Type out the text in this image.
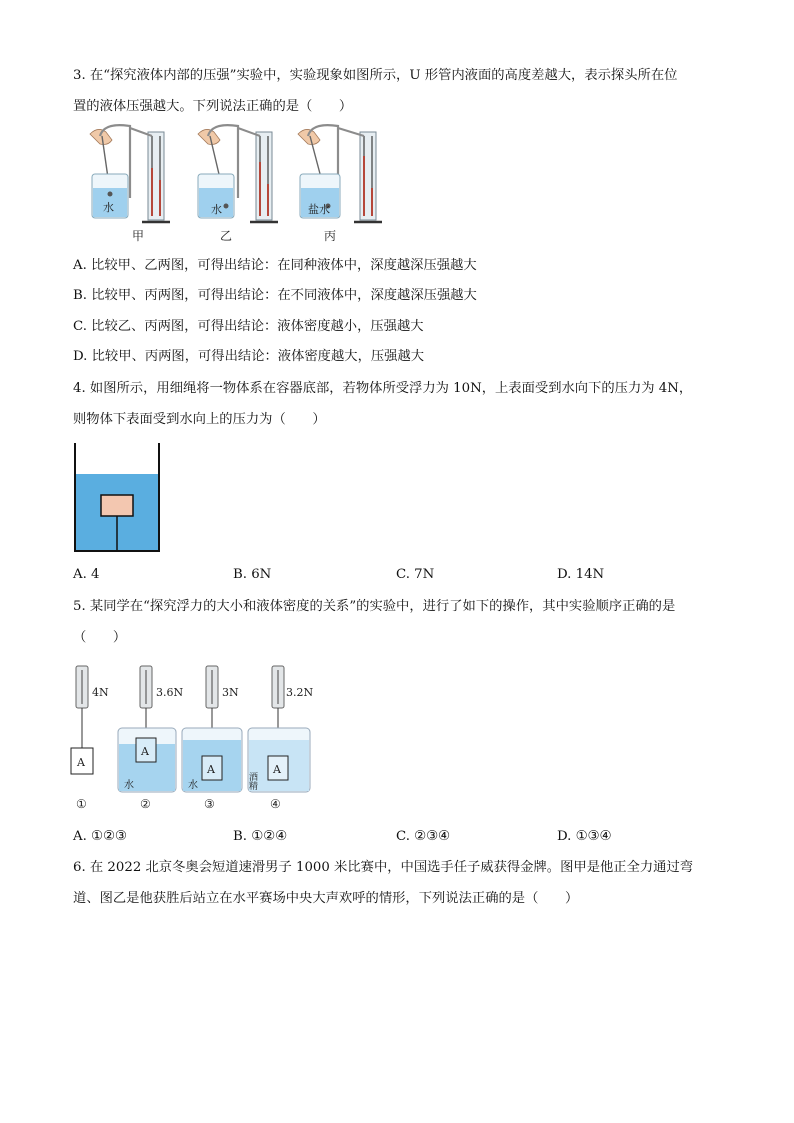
3. 在“探究液体内部的压强”实验中，实验现象如图所示，U 形管内液面的高度差越大，表示探头所在位
置的液体压强越大。下列说法正确的是（　　）
水
甲
水
乙
盐水
丙
A. 比较甲、乙两图，可得出结论：在同种液体中，深度越深压强越大
B. 比较甲、丙两图，可得出结论：在不同液体中，深度越深压强越大
C. 比较乙、丙两图，可得出结论：液体密度越小，压强越大
D. 比较甲、丙两图，可得出结论：液体密度越大，压强越大
4. 如图所示，用细绳将一物体系在容器底部，若物体所受浮力为 10N，上表面受到水向下的压力为 4N，
则物体下表面受到水向上的压力为（　　）
A. 4	B. 6N	C. 7N	D. 14N
5. 某同学在“探究浮力的大小和液体密度的关系”的实验中，进行了如下的操作，其中实验顺序正确的是
（　　）
A
4N
①
A
水
3.6N
②
A
水
3N
③
A
酒精
3.2N
④
A. ①②③	B. ①②④	C. ②③④	D. ①③④
6. 在 2022 北京冬奥会短道速滑男子 1000 米比赛中，中国选手任子威获得金牌。图甲是他正全力通过弯
道、图乙是他获胜后站立在水平赛场中央大声欢呼的情形，下列说法正确的是（　　）
